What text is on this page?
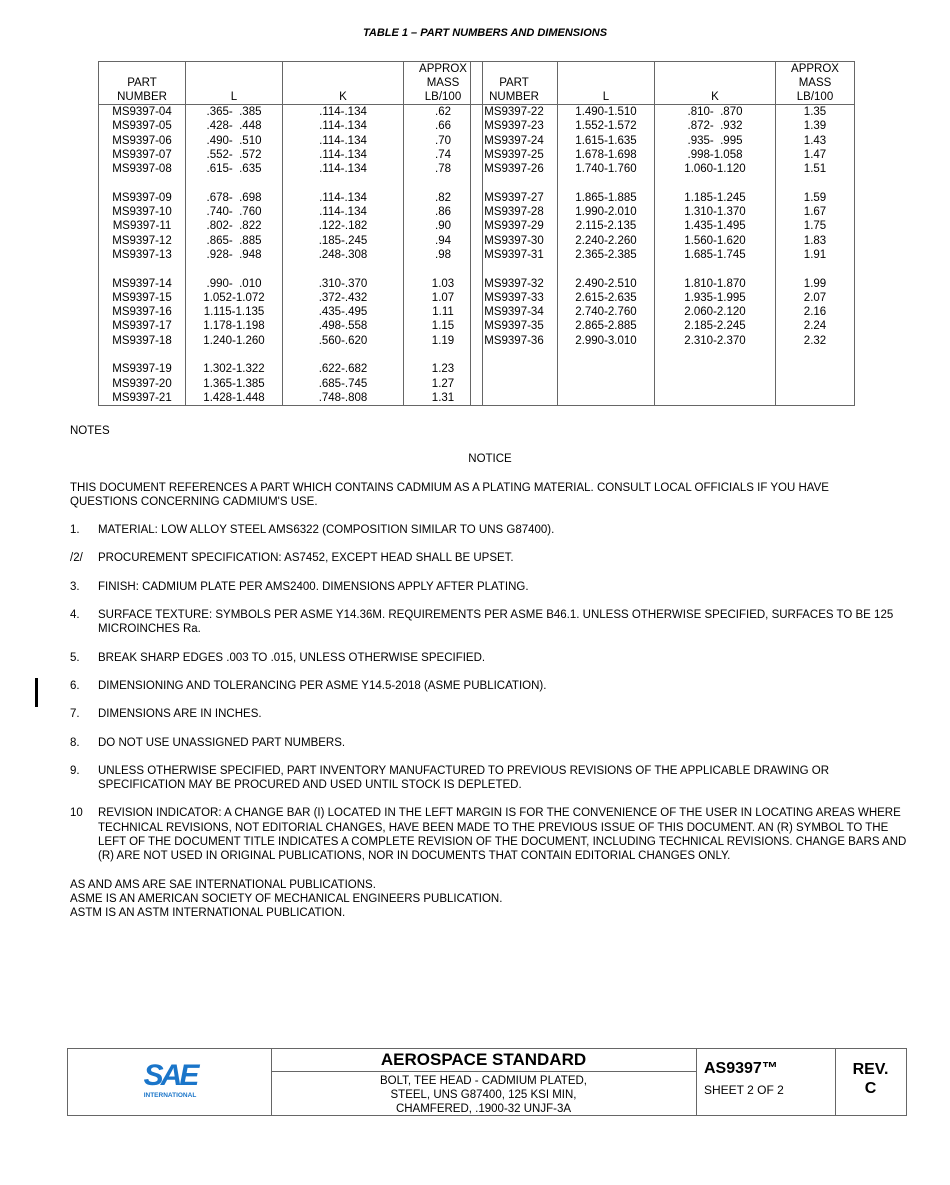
TABLE 1 – PART NUMBERS AND DIMENSIONS
PART
NUMBER	L	K	APPROX
MASS
LB/100
MS9397-04	.365-  .385	.114-.134	.62
MS9397-05	.428-  .448	.114-.134	.66
MS9397-06	.490-  .510	.114-.134	.70
MS9397-07	.552-  .572	.114-.134	.74
MS9397-08	.615-  .635	.114-.134	.78

MS9397-09	.678-  .698	.114-.134	.82
MS9397-10	.740-  .760	.114-.134	.86
MS9397-11	.802-  .822	.122-.182	.90
MS9397-12	.865-  .885	.185-.245	.94
MS9397-13	.928-  .948	.248-.308	.98

MS9397-14	.990-  .010	.310-.370	1.03
MS9397-15	1.052-1.072	.372-.432	1.07
MS9397-16	1.115-1.135	.435-.495	1.11
MS9397-17	1.178-1.198	.498-.558	1.15
MS9397-18	1.240-1.260	.560-.620	1.19

MS9397-19	1.302-1.322	.622-.682	1.23
MS9397-20	1.365-1.385	.685-.745	1.27
MS9397-21	1.428-1.448	.748-.808	1.31
PART
NUMBER	L	K	APPROX
MASS
LB/100
MS9397-22	1.490-1.510	.810-  .870	1.35
MS9397-23	1.552-1.572	.872-  .932	1.39
MS9397-24	1.615-1.635	.935-  .995	1.43
MS9397-25	1.678-1.698	.998-1.058	1.47
MS9397-26	1.740-1.760	1.060-1.120	1.51

MS9397-27	1.865-1.885	1.185-1.245	1.59
MS9397-28	1.990-2.010	1.310-1.370	1.67
MS9397-29	2.115-2.135	1.435-1.495	1.75
MS9397-30	2.240-2.260	1.560-1.620	1.83
MS9397-31	2.365-2.385	1.685-1.745	1.91

MS9397-32	2.490-2.510	1.810-1.870	1.99
MS9397-33	2.615-2.635	1.935-1.995	2.07
MS9397-34	2.740-2.760	2.060-2.120	2.16
MS9397-35	2.865-2.885	2.185-2.245	2.24
MS9397-36	2.990-3.010	2.310-2.370	2.32

NOTES

NOTICE

THIS DOCUMENT REFERENCES A PART WHICH CONTAINS CADMIUM AS A PLATING MATERIAL. CONSULT LOCAL OFFICIALS IF YOU HAVE QUESTIONS CONCERNING CADMIUM'S USE.

1. MATERIAL: LOW ALLOY STEEL AMS6322 (COMPOSITION SIMILAR TO UNS G87400).
/2/ PROCUREMENT SPECIFICATION: AS7452, EXCEPT HEAD SHALL BE UPSET.
3. FINISH: CADMIUM PLATE PER AMS2400. DIMENSIONS APPLY AFTER PLATING.
4. SURFACE TEXTURE: SYMBOLS PER ASME Y14.36M. REQUIREMENTS PER ASME B46.1. UNLESS OTHERWISE SPECIFIED, SURFACES TO BE 125 MICROINCHES Ra.
5. BREAK SHARP EDGES .003 TO .015, UNLESS OTHERWISE SPECIFIED.
6. DIMENSIONING AND TOLERANCING PER ASME Y14.5-2018 (ASME PUBLICATION).
7. DIMENSIONS ARE IN INCHES.
8. DO NOT USE UNASSIGNED PART NUMBERS.
9. UNLESS OTHERWISE SPECIFIED, PART INVENTORY MANUFACTURED TO PREVIOUS REVISIONS OF THE APPLICABLE DRAWING OR SPECIFICATION MAY BE PROCURED AND USED UNTIL STOCK IS DEPLETED.
10 REVISION INDICATOR: A CHANGE BAR (I) LOCATED IN THE LEFT MARGIN IS FOR THE CONVENIENCE OF THE USER IN LOCATING AREAS WHERE TECHNICAL REVISIONS, NOT EDITORIAL CHANGES, HAVE BEEN MADE TO THE PREVIOUS ISSUE OF THIS DOCUMENT. AN (R) SYMBOL TO THE LEFT OF THE DOCUMENT TITLE INDICATES A COMPLETE REVISION OF THE DOCUMENT, INCLUDING TECHNICAL REVISIONS. CHANGE BARS AND (R) ARE NOT USED IN ORIGINAL PUBLICATIONS, NOR IN DOCUMENTS THAT CONTAIN EDITORIAL CHANGES ONLY.
AS AND AMS ARE SAE INTERNATIONAL PUBLICATIONS.
ASME IS AN AMERICAN SOCIETY OF MECHANICAL ENGINEERS PUBLICATION.
ASTM IS AN ASTM INTERNATIONAL PUBLICATION.
SAE
INTERNATIONAL
AEROSPACE STANDARD
BOLT, TEE HEAD - CADMIUM PLATED,
STEEL, UNS G87400, 125 KSI MIN,
CHAMFERED, .1900-32 UNJF-3A
AS9397™
SHEET 2 OF 2
REV.
C
